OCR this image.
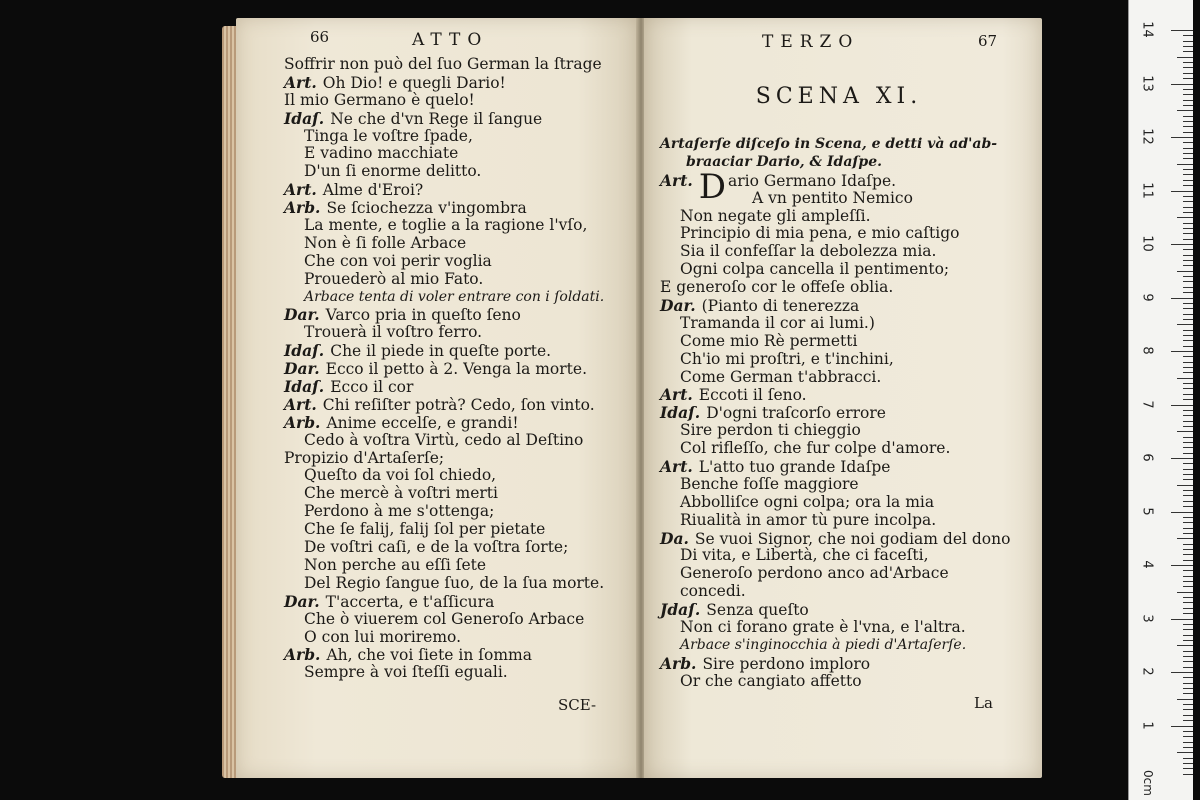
66	ATTO
Soffrir non può del ſuo German la ſtrage
Art. Oh Dio! e quegli Dario!
Il mio Germano è quelo!
Idaſ. Ne che d'vn Rege il ſangue
Tinga le voſtre ſpade,
E vadino macchiate
D'un ſi enorme delitto.
Art. Alme d'Eroi?
Arb. Se ſciochezza v'ingombra
La mente, e toglie a la ragione l'vſo,
Non è ſi folle Arbace
Che con voi perir voglia
Prouederò al mio Fato.
Arbace tenta di voler entrare con i ſoldati.
Dar. Varco pria in queſto ſeno
Trouerà il voſtro ferro.
Idaſ. Che il piede in queſte porte.
Dar. Ecco il petto à 2. Venga la morte.
Idaſ. Ecco il cor
Art. Chi reſiſter potrà? Cedo, ſon vinto.
Arb. Anime eccelſe, e grandi!
Cedo à voſtra Virtù, cedo al Deſtino
Propizio d'Artaſerſe;
Queſto da voi ſol chiedo,
Che mercè à voſtri merti
Perdono à me s'ottenga;
Che ſe falij, falij ſol per pietate
De voſtri caſi, e de la voſtra ſorte;
Non perche au eſſi ſete
Del Regio ſangue ſuo, de la ſua morte.
Dar. T'accerta, e t'aſſicura
Che ò viuerem col Generoſo Arbace
O con lui moriremo.
Arb. Ah, che voi ſiete in ſomma
Sempre à voi ſteſſi eguali.
SCE-
TERZO	67
SCENA XI.
Artaſerſe diſceſo in Scena, e detti và ad'ab-
braaciar Dario, & Idaſpe.
Art. D ario Germano Idaſpe.
A vn pentito Nemico
Non negate gli ampleſſi.
Principio di mia pena, e mio caſtigo
Sia il confeſſar la debolezza mia.
Ogni colpa cancella il pentimento;
E generoſo cor le offeſe oblia.
Dar. (Pianto di tenerezza
Tramanda il cor ai lumi.)
Come mio Rè permetti
Ch'io mi proſtri, e t'inchini,
Come German t'abbracci.
Art. Eccoti il ſeno.
Idaſ. D'ogni traſcorſo errore
Sire perdon ti chieggio
Col rifleſſo, che fur colpe d'amore.
Art. L'atto tuo grande Idaſpe
Benche foſſe maggiore
Abbolliſce ogni colpa; ora la mia
Riualità in amor tù pure incolpa.
Da. Se vuoi Signor, che noi godiam del dono
Di vita, e Libertà, che ci faceſti,
Generoſo perdono anco ad'Arbace
concedi.
Jdaſ. Senza queſto
Non ci forano grate è l'vna, e l'altra.
Arbace s'inginocchia à piedi d'Artaſerſe.
Arb. Sire perdono imploro
Or che cangiato affetto
La
0cm
14
13
12
11
10
9
8
7
6
5
4
3
2
1
